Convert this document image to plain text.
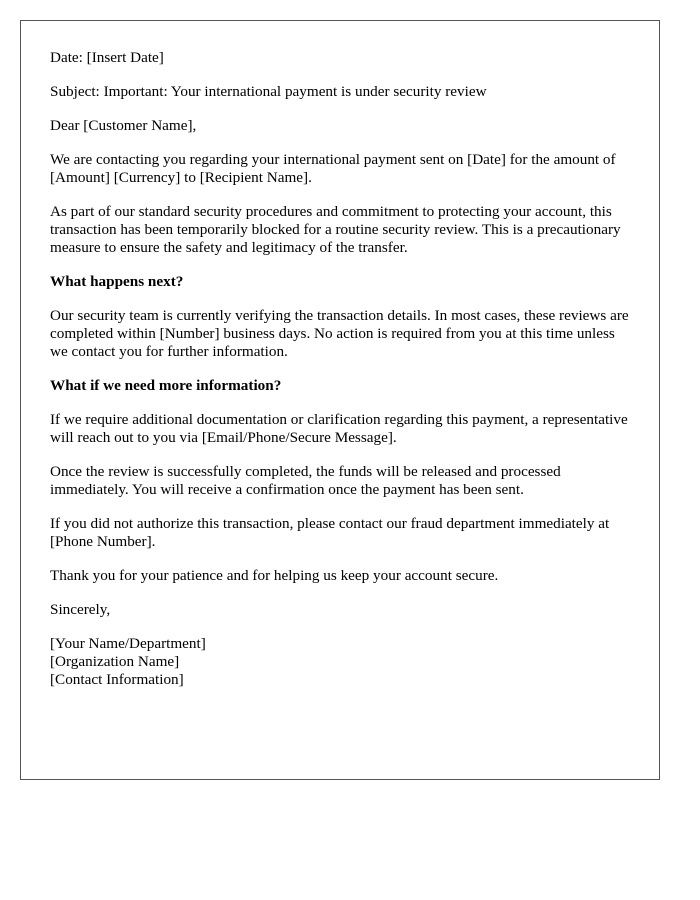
Date: [Insert Date]

Subject: Important: Your international payment is under security review

Dear [Customer Name],

We are contacting you regarding your international payment sent on [Date] for the amount of [Amount] [Currency] to [Recipient Name].

As part of our standard security procedures and commitment to protecting your account, this transaction has been temporarily blocked for a routine security review. This is a precautionary measure to ensure the safety and legitimacy of the transfer.

What happens next?

Our security team is currently verifying the transaction details. In most cases, these reviews are completed within [Number] business days. No action is required from you at this time unless we contact you for further information.

What if we need more information?

If we require additional documentation or clarification regarding this payment, a representative will reach out to you via [Email/Phone/Secure Message].

Once the review is successfully completed, the funds will be released and processed immediately. You will receive a confirmation once the payment has been sent.

If you did not authorize this transaction, please contact our fraud department immediately at [Phone Number].

Thank you for your patience and for helping us keep your account secure.

Sincerely,

[Your Name/Department]
[Organization Name]
[Contact Information]
